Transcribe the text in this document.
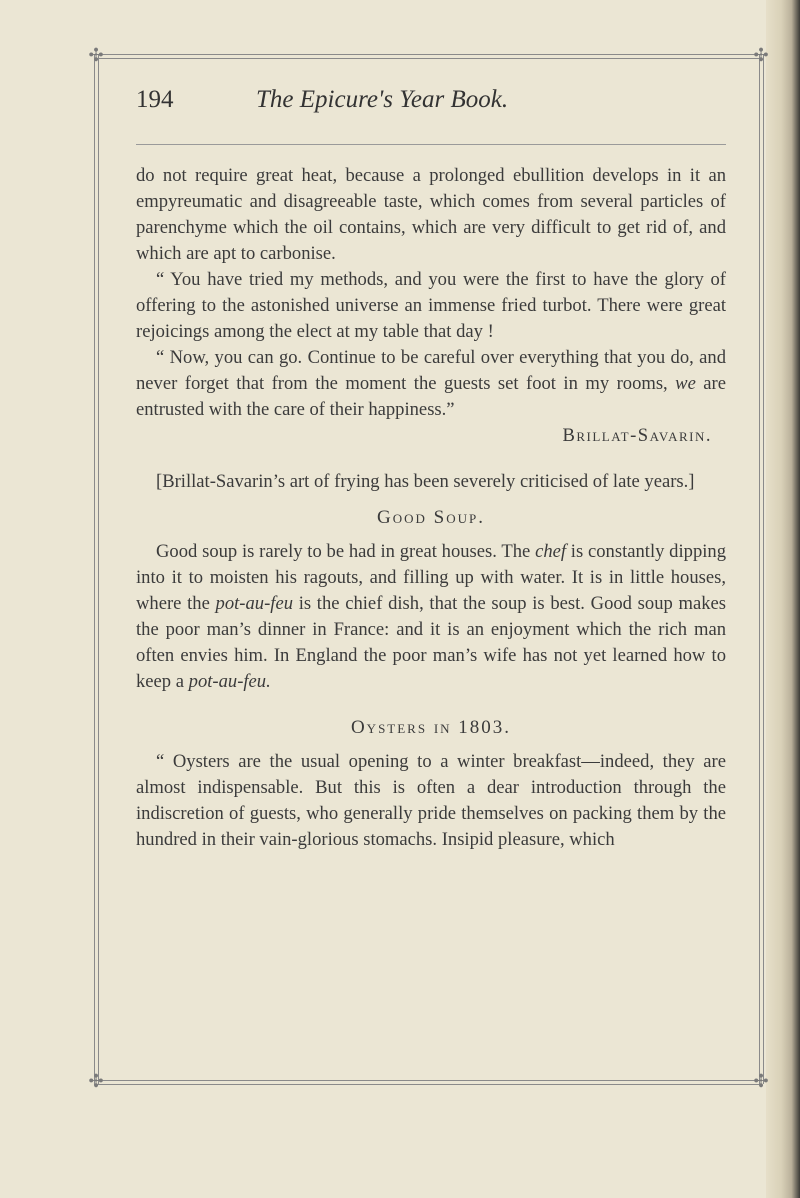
✣	✣
✣	✣
194	The Epicure's Year Book.

do not require great heat, because a prolonged ebullition develops in it an empyreumatic and disagreeable taste, which comes from several particles of parenchyme which the oil contains, which are very difficult to get rid of, and which are apt to carbonise.

“ You have tried my methods, and you were the first to have the glory of offering to the astonished universe an immense fried turbot. There were great rejoicings among the elect at my table that day !

“ Now, you can go. Continue to be careful over everything that you do, and never forget that from the moment the guests set foot in my rooms, we are entrusted with the care of their happiness.”

Brillat-Savarin.

[Brillat-Savarin’s art of frying has been severely criticised of late years.]

Good Soup.

Good soup is rarely to be had in great houses. The chef is constantly dipping into it to moisten his ragouts, and filling up with water. It is in little houses, where the pot-au-feu is the chief dish, that the soup is best. Good soup makes the poor man’s dinner in France: and it is an enjoyment which the rich man often envies him. In England the poor man’s wife has not yet learned how to keep a pot-au-feu.

Oysters in 1803.

“ Oysters are the usual opening to a winter breakfast—indeed, they are almost indispensable. But this is often a dear introduction through the indiscretion of guests, who generally pride themselves on packing them by the hundred in their vain-glorious stomachs. Insipid pleasure, which
